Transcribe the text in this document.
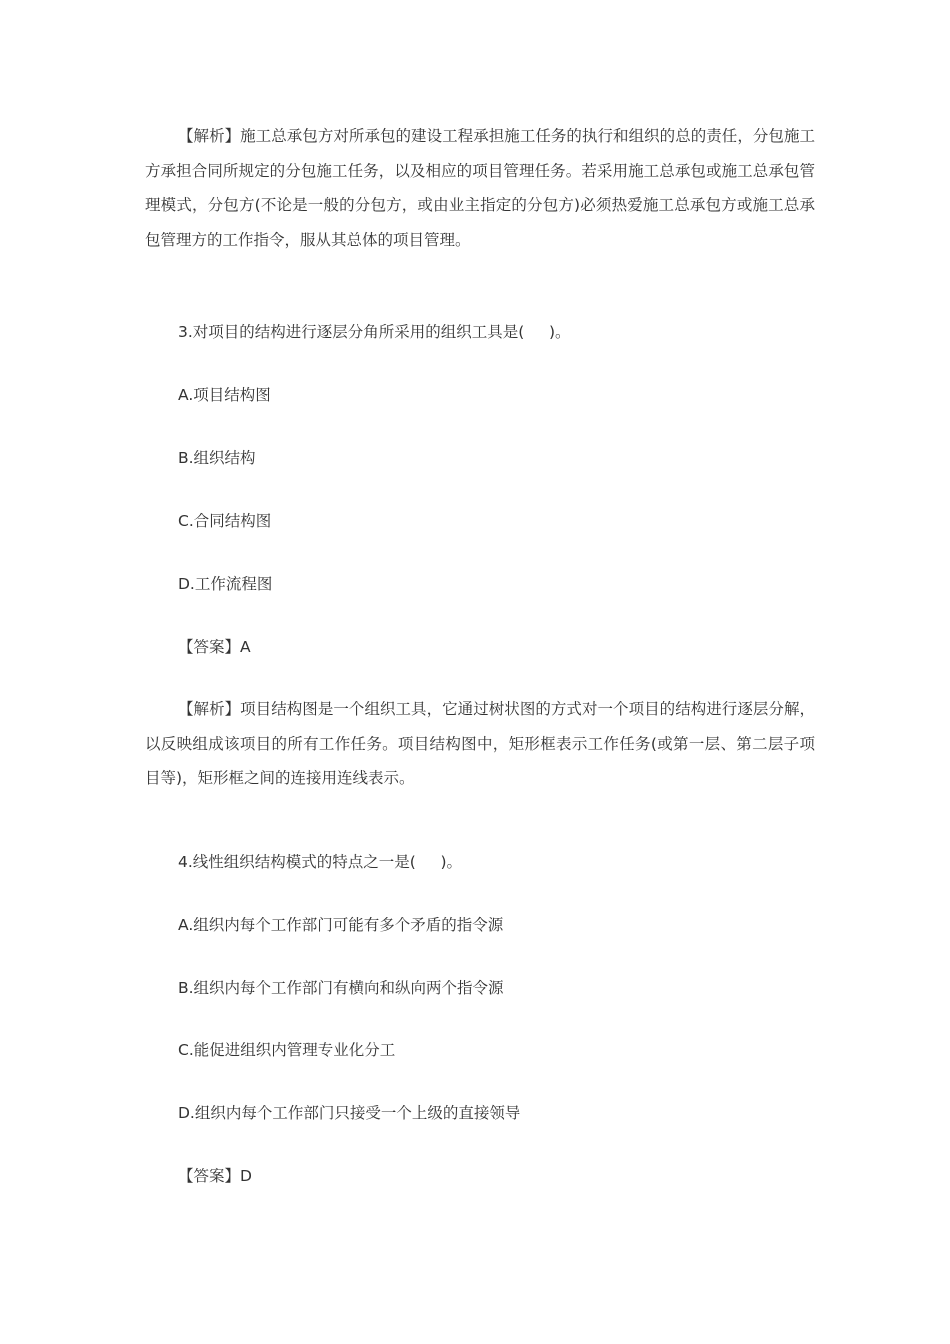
【解析】施工总承包方对所承包的建设工程承担施工任务的执行和组织的总的责任，分包施工方承担合同所规定的分包施工任务，以及相应的项目管理任务。若采用施工总承包或施工总承包管理模式，分包方(不论是一般的分包方，或由业主指定的分包方)必须热爱施工总承包方或施工总承包管理方的工作指令，服从其总体的项目管理。

3.对项目的结构进行逐层分角所采用的组织工具是(     )。

A.项目结构图

B.组织结构

C.合同结构图

D.工作流程图

【答案】A

【解析】项目结构图是一个组织工具，它通过树状图的方式对一个项目的结构进行逐层分解，以反映组成该项目的所有工作任务。项目结构图中，矩形框表示工作任务(或第一层、第二层子项目等)，矩形框之间的连接用连线表示。

4.线性组织结构模式的特点之一是(     )。

A.组织内每个工作部门可能有多个矛盾的指令源

B.组织内每个工作部门有横向和纵向两个指令源

C.能促进组织内管理专业化分工

D.组织内每个工作部门只接受一个上级的直接领导

【答案】D
